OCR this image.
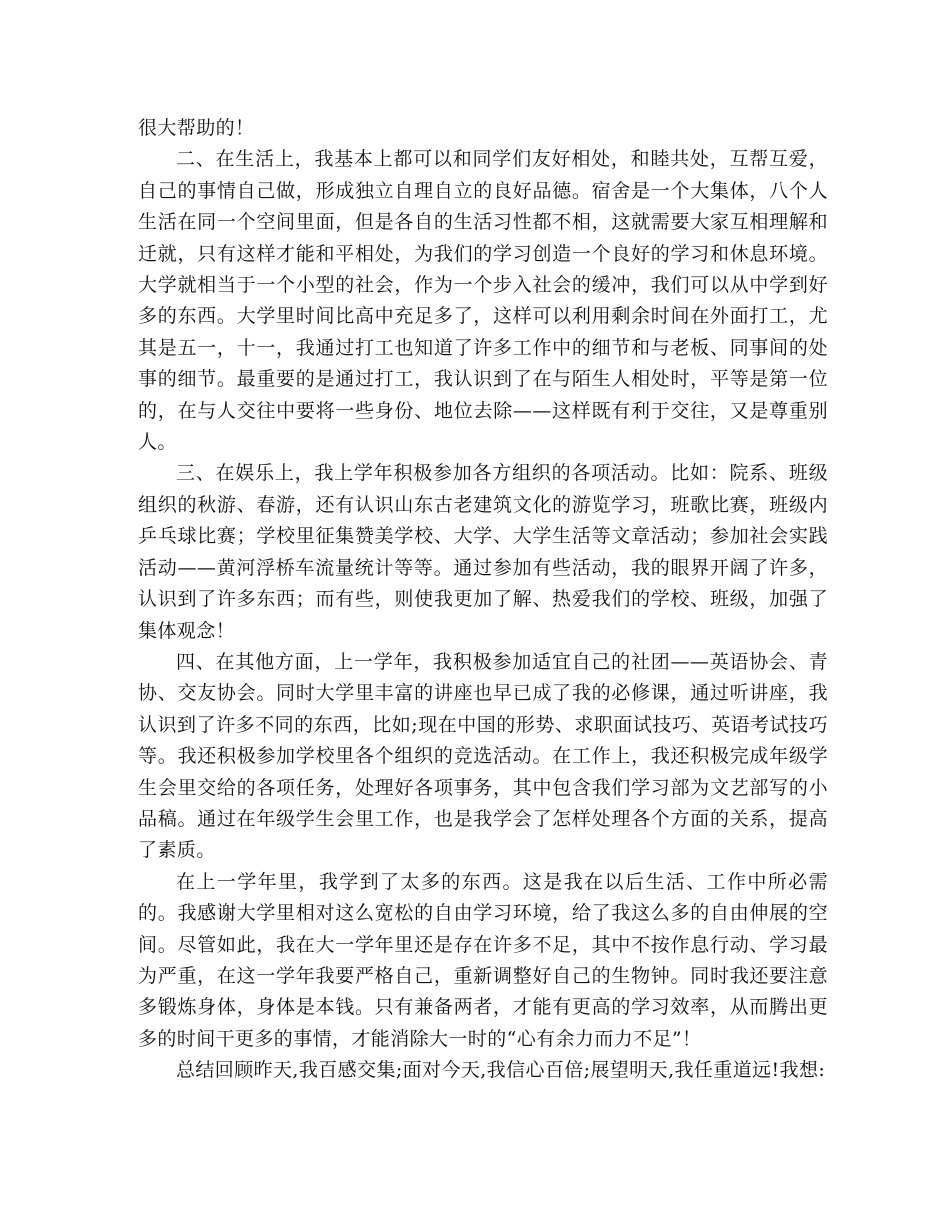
很大帮助的！

二、在生活上，我基本上都可以和同学们友好相处，和睦共处，互帮互爱，自己的事情自己做，形成独立自理自立的良好品德。宿舍是一个大集体，八个人生活在同一个空间里面，但是各自的生活习性都不相，这就需要大家互相理解和迁就，只有这样才能和平相处，为我们的学习创造一个良好的学习和休息环境。大学就相当于一个小型的社会，作为一个步入社会的缓冲，我们可以从中学到好多的东西。大学里时间比高中充足多了，这样可以利用剩余时间在外面打工，尤其是五一，十一，我通过打工也知道了许多工作中的细节和与老板、同事间的处事的细节。最重要的是通过打工，我认识到了在与陌生人相处时，平等是第一位的，在与人交往中要将一些身份、地位去除——这样既有利于交往，又是尊重别人。

三、在娱乐上，我上学年积极参加各方组织的各项活动。比如：院系、班级组织的秋游、春游，还有认识山东古老建筑文化的游览学习，班歌比赛，班级内乒乓球比赛；学校里征集赞美学校、大学、大学生活等文章活动；参加社会实践活动——黄河浮桥车流量统计等等。通过参加有些活动，我的眼界开阔了许多，认识到了许多东西；而有些，则使我更加了解、热爱我们的学校、班级，加强了集体观念！

四、在其他方面，上一学年，我积极参加适宜自己的社团——英语协会、青协、交友协会。同时大学里丰富的讲座也早已成了我的必修课，通过听讲座，我认识到了许多不同的东西，比如;现在中国的形势、求职面试技巧、英语考试技巧等。我还积极参加学校里各个组织的竞选活动。在工作上，我还积极完成年级学生会里交给的各项任务，处理好各项事务，其中包含我们学习部为文艺部写的小品稿。通过在年级学生会里工作，也是我学会了怎样处理各个方面的关系，提高了素质。

在上一学年里，我学到了太多的东西。这是我在以后生活、工作中所必需的。我感谢大学里相对这么宽松的自由学习环境，给了我这么多的自由伸展的空间。尽管如此，我在大一学年里还是存在许多不足，其中不按作息行动、学习最为严重，在这一学年我要严格自己，重新调整好自己的生物钟。同时我还要注意多锻炼身体，身体是本钱。只有兼备两者，才能有更高的学习效率，从而腾出更多的时间干更多的事情，才能消除大一时的“心有余力而力不足”！

总结回顾昨天,我百感交集;面对今天,我信心百倍;展望明天,我任重道远!我想:
